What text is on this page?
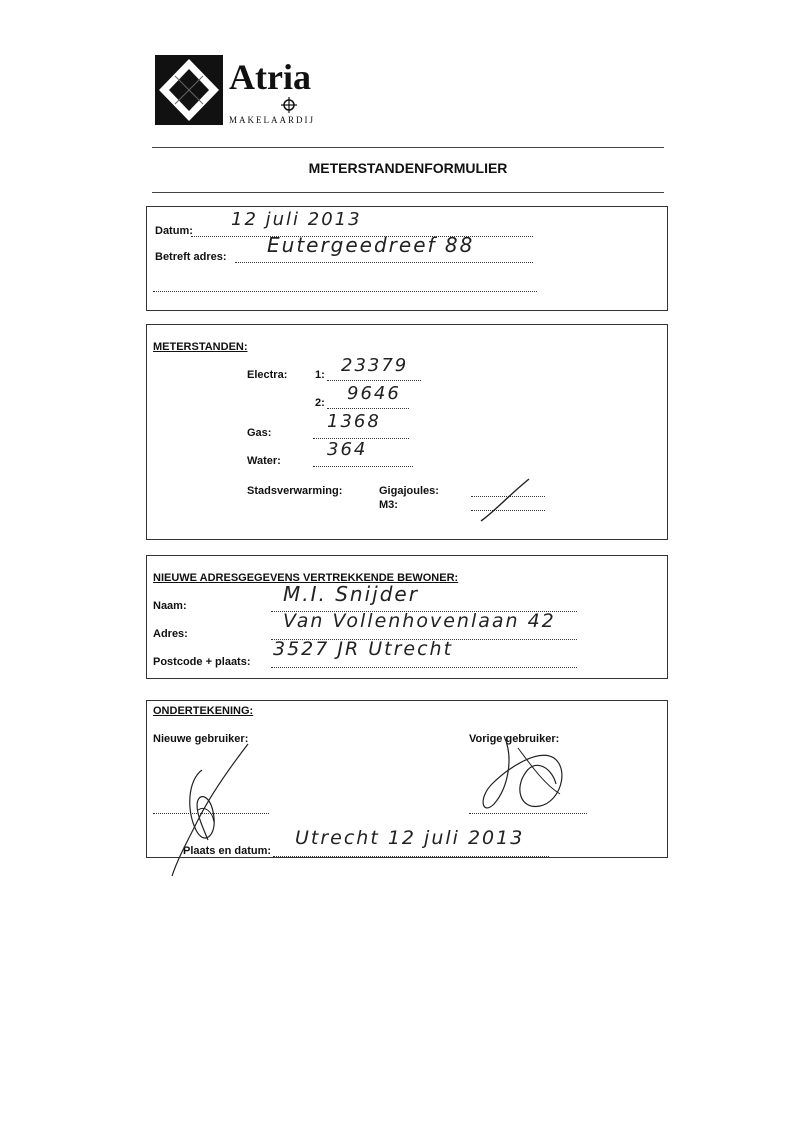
Atria
MAKELAARDIJ
METERSTANDENFORMULIER
Datum:
12 juli 2013
Betreft adres: Eutergeedreef 88
METERSTANDEN:
Electra:	1: 23379
2: 9646
Gas:
1368
Water:
364
Stadsverwarming:	Gigajoules:
M3:
NIEUWE ADRESGEGEVENS VERTREKKENDE BEWONER:
Naam:	M.I. Snijder
Adres:
Van Vollenhovenlaan 42
Postcode + plaats:
3527 JR Utrecht
ONDERTEKENING:
Nieuwe gebruiker:	Vorige gebruiker:
Plaats en datum:
Utrecht 12 juli 2013
